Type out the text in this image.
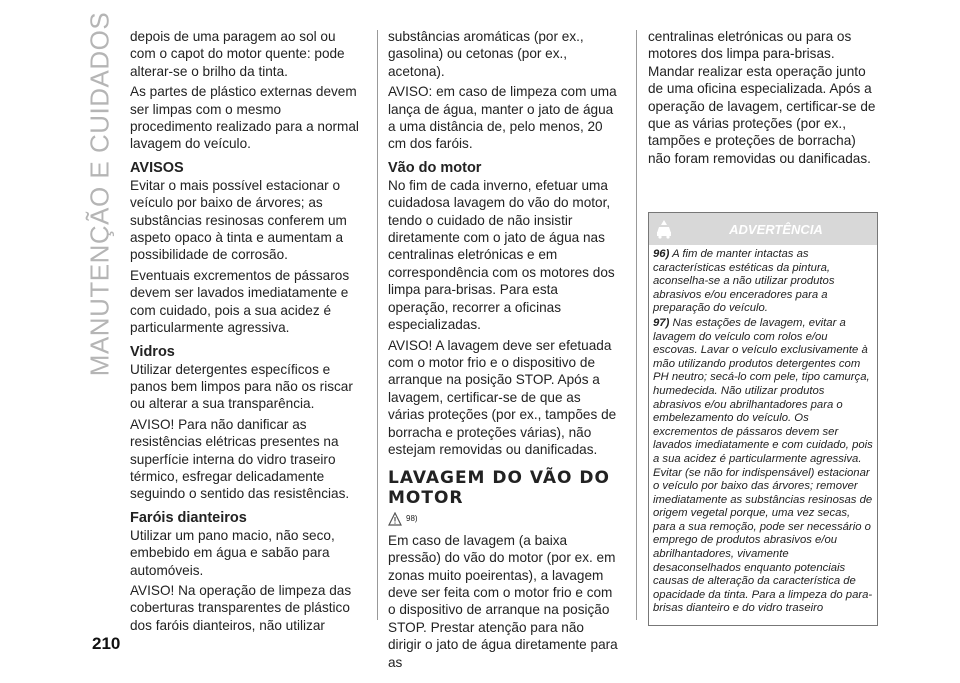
MANUTENÇÃO E CUIDADOS
210

depois de uma paragem ao sol ou com o capot do motor quente: pode alterar-se o brilho da tinta.

As partes de plástico externas devem ser limpas com o mesmo procedimento realizado para a normal lavagem do veículo.

AVISOS

Evitar o mais possível estacionar o veículo por baixo de árvores; as substâncias resinosas conferem um aspeto opaco à tinta e aumentam a possibilidade de corrosão.

Eventuais excrementos de pássaros devem ser lavados imediatamente e com cuidado, pois a sua acidez é particularmente agressiva.

Vidros

Utilizar detergentes específicos e panos bem limpos para não os riscar ou alterar a sua transparência.

AVISO! Para não danificar as resistências elétricas presentes na superfície interna do vidro traseiro térmico, esfregar delicadamente seguindo o sentido das resistências.

Faróis dianteiros

Utilizar um pano macio, não seco, embebido em água e sabão para automóveis.

AVISO! Na operação de limpeza das coberturas transparentes de plástico dos faróis dianteiros, não utilizar

substâncias aromáticas (por ex., gasolina) ou cetonas (por ex., acetona).

AVISO: em caso de limpeza com uma lança de água, manter o jato de água a uma distância de, pelo menos, 20 cm dos faróis.

Vão do motor

No fim de cada inverno, efetuar uma cuidadosa lavagem do vão do motor, tendo o cuidado de não insistir diretamente com o jato de água nas centralinas eletrónicas e em correspondência com os motores dos limpa para-brisas. Para esta operação, recorrer a oficinas especializadas.

AVISO! A lavagem deve ser efetuada com o motor frio e o dispositivo de arranque na posição STOP. Após a lavagem, certificar-se de que as várias proteções (por ex., tampões de borracha e proteções várias), não estejam removidas ou danificadas.

LAVAGEM DO VÃO DO MOTOR
98)

Em caso de lavagem (a baixa pressão) do vão do motor (por ex. em zonas muito poeirentas), a lavagem deve ser feita com o motor frio e com o dispositivo de arranque na posição STOP. Prestar atenção para não dirigir o jato de água diretamente para as

centralinas eletrónicas ou para os motores dos limpa para-brisas. Mandar realizar esta operação junto de uma oficina especializada. Após a operação de lavagem, certificar-se de que as várias proteções (por ex., tampões e proteções de borracha) não foram removidas ou danificadas.

ADVERTÊNCIA

96) A fim de manter intactas as características estéticas da pintura, aconselha-se a não utilizar produtos abrasivos e/ou enceradores para a preparação do veículo.

97) Nas estações de lavagem, evitar a lavagem do veículo com rolos e/ou escovas. Lavar o veículo exclusivamente à mão utilizando produtos detergentes com PH neutro; secá-lo com pele, tipo camurça, humedecida. Não utilizar produtos abrasivos e/ou abrilhantadores para o embelezamento do veículo. Os excrementos de pássaros devem ser lavados imediatamente e com cuidado, pois a sua acidez é particularmente agressiva. Evitar (se não for indispensável) estacionar o veículo por baixo das árvores; remover imediatamente as substâncias resinosas de origem vegetal porque, uma vez secas, para a sua remoção, pode ser necessário o emprego de produtos abrasivos e/ou abrilhantadores, vivamente desaconselhados enquanto potenciais causas de alteração da característica de opacidade da tinta. Para a limpeza do para-brisas dianteiro e do vidro traseiro
